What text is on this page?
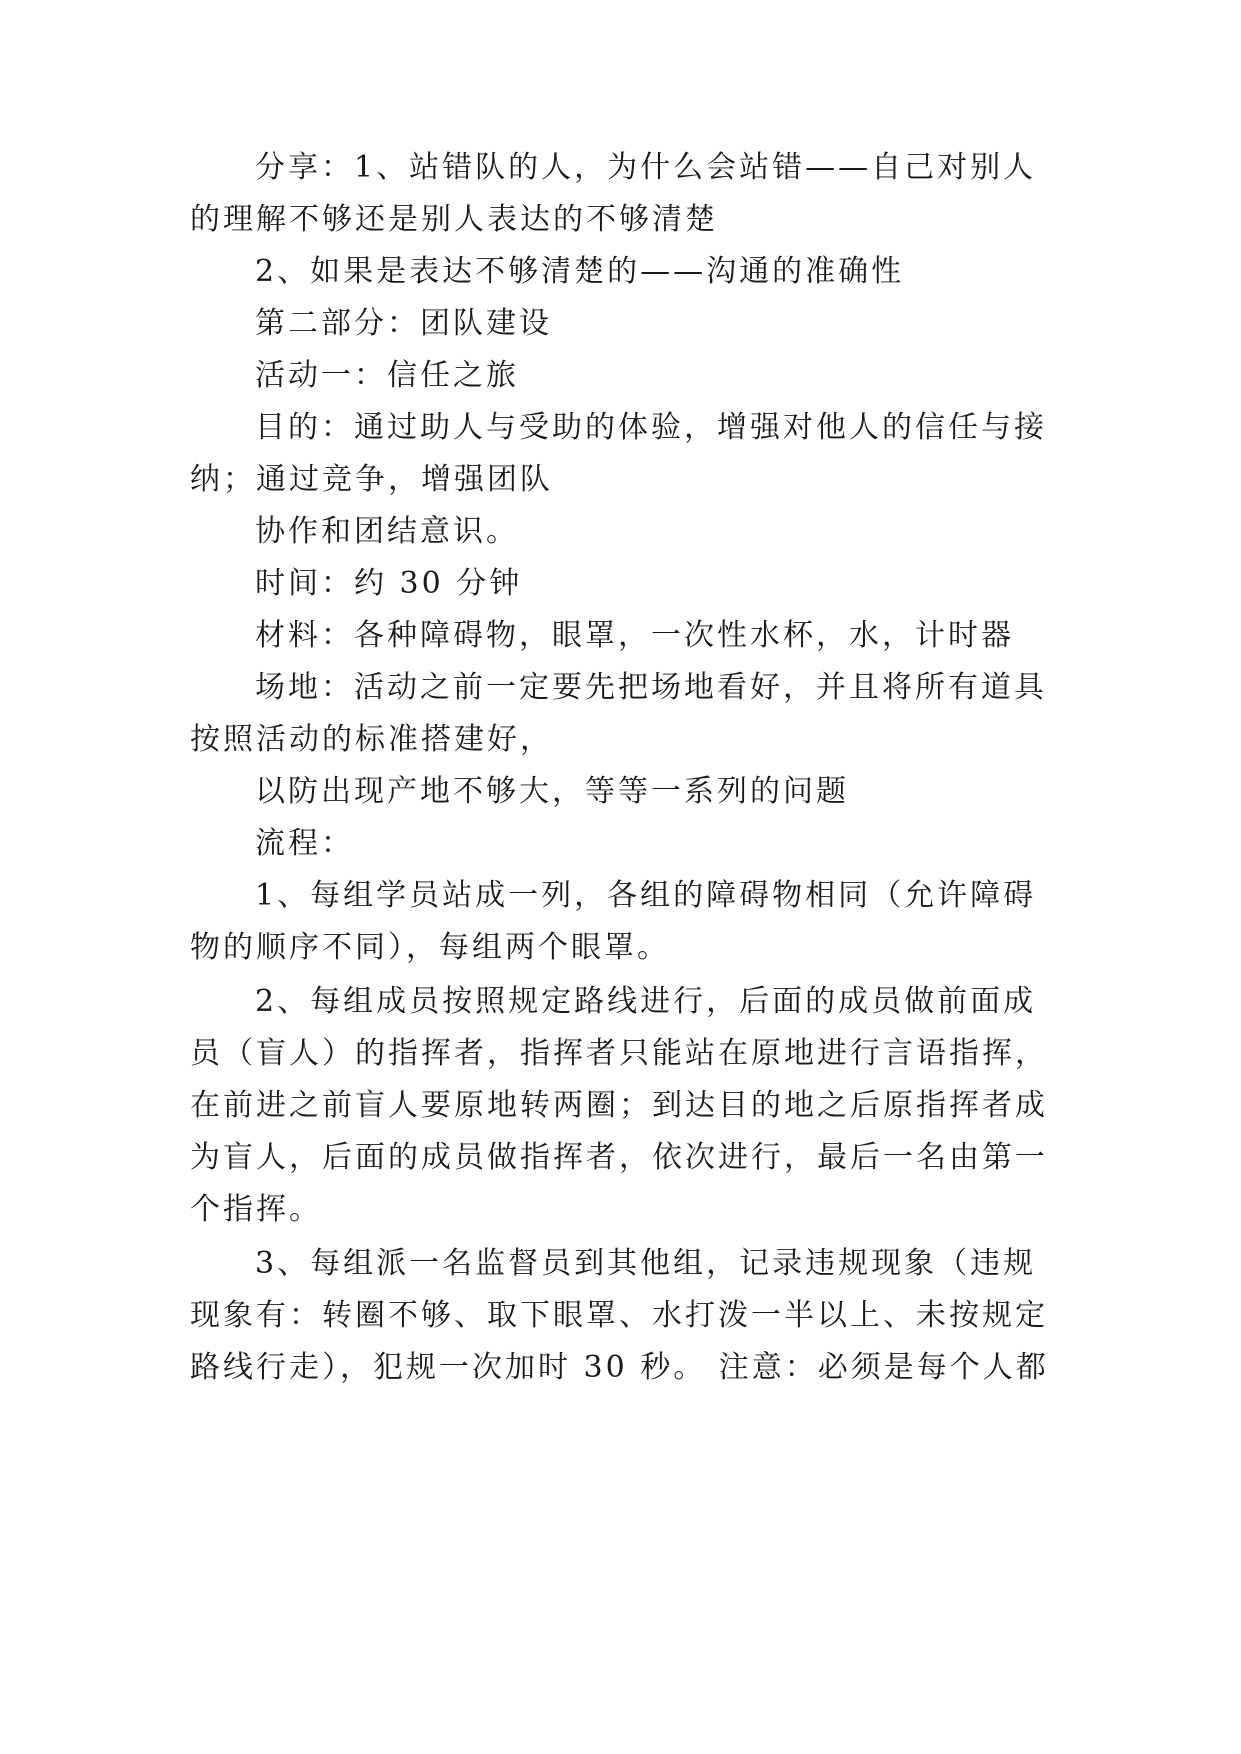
分享：1、站错队的人，为什么会站错——自己对别人
的理解不够还是别人表达的不够清楚
2、如果是表达不够清楚的——沟通的准确性
第二部分：团队建设
活动一：信任之旅
目的：通过助人与受助的体验，增强对他人的信任与接
纳；通过竞争，增强团队
协作和团结意识。
时间：约 30 分钟
材料：各种障碍物，眼罩，一次性水杯，水，计时器
场地：活动之前一定要先把场地看好，并且将所有道具
按照活动的标准搭建好，
以防出现产地不够大，等等一系列的问题
流程：
1、每组学员站成一列，各组的障碍物相同（允许障碍
物的顺序不同），每组两个眼罩。
2、每组成员按照规定路线进行，后面的成员做前面成
员（盲人）的指挥者，指挥者只能站在原地进行言语指挥，
在前进之前盲人要原地转两圈；到达目的地之后原指挥者成
为盲人，后面的成员做指挥者，依次进行，最后一名由第一
个指挥。
3、每组派一名监督员到其他组，记录违规现象（违规
现象有：转圈不够、取下眼罩、水打泼一半以上、未按规定
路线行走），犯规一次加时 30 秒。 注意：必须是每个人都
